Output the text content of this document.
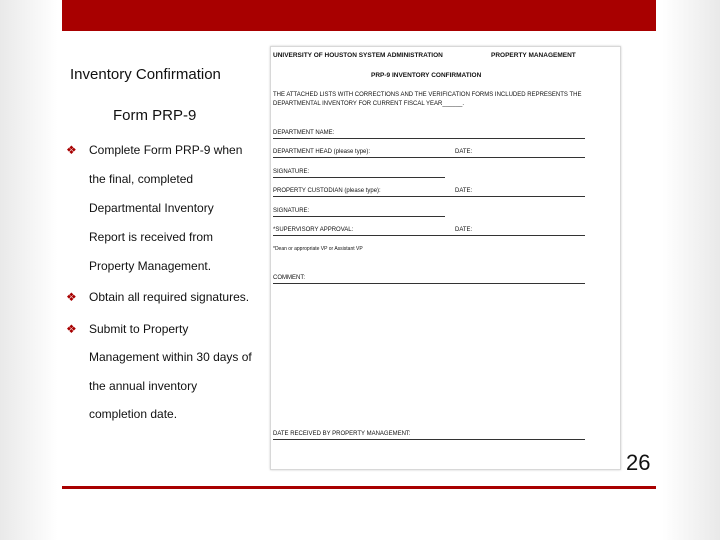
Inventory Confirmation
Form PRP-9
❖ Complete Form PRP-9 when
the final, completed
Departmental Inventory
Report is received from
Property Management.
❖ Obtain all required signatures.
❖ Submit to Property
Management within 30 days of
the annual inventory
completion date.
UNIVERSITY OF HOUSTON SYSTEM ADMINISTRATION	PROPERTY MANAGEMENT
PRP-9 INVENTORY CONFIRMATION
THE ATTACHED LISTS WITH CORRECTIONS AND THE VERIFICATION FORMS INCLUDED REPRESENTS THE
DEPARTMENTAL INVENTORY FOR CURRENT FISCAL YEAR______.
DEPARTMENT NAME:
DEPARTMENT HEAD (please type):	DATE:
SIGNATURE:
PROPERTY CUSTODIAN (please type):	DATE:
SIGNATURE:
*SUPERVISORY APPROVAL:	DATE:
*Dean or appropriate VP or Assistant VP
COMMENT:
DATE RECEIVED BY PROPERTY MANAGEMENT:
26
